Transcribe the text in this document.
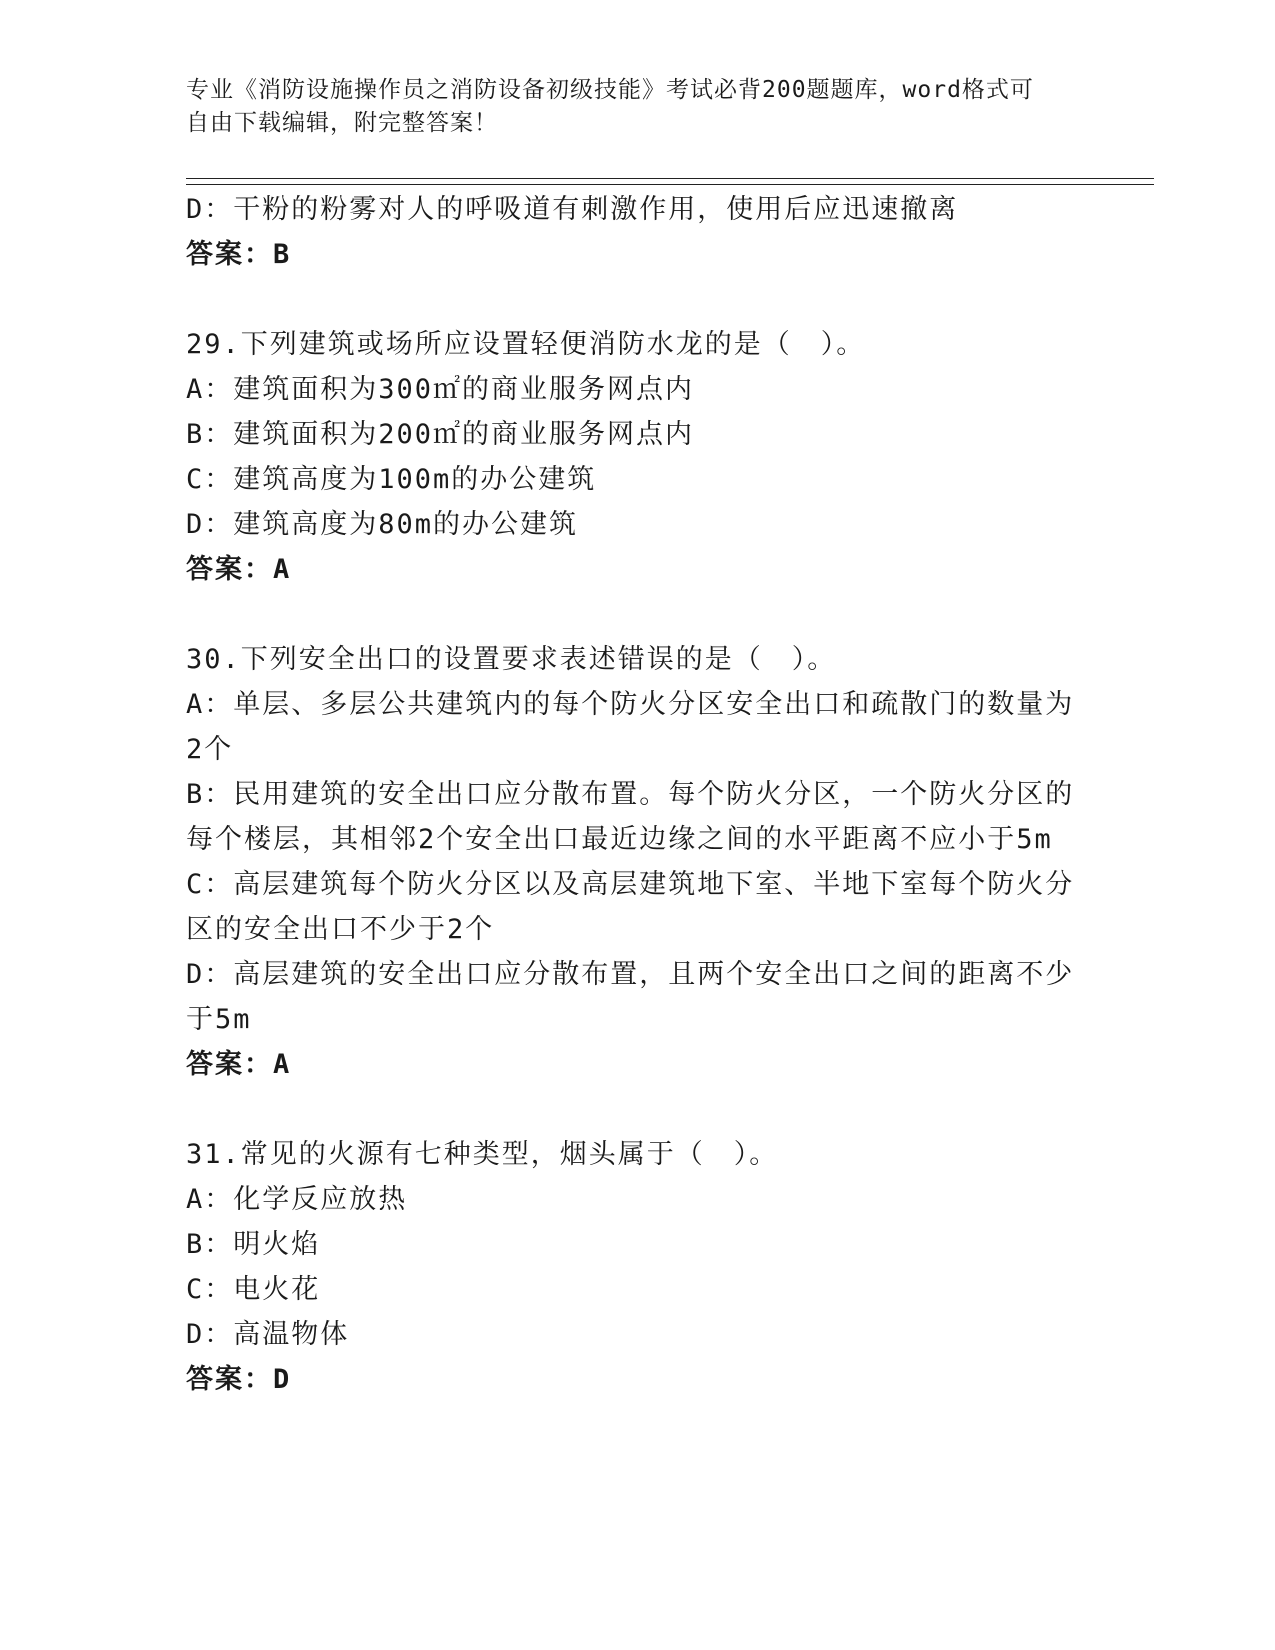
专业《消防设施操作员之消防设备初级技能》考试必背200题题库，word格式可
自由下载编辑，附完整答案！
D：干粉的粉雾对人的呼吸道有刺激作用，使用后应迅速撤离
答案：B
29.下列建筑或场所应设置轻便消防水龙的是（　）。
A：建筑面积为300㎡的商业服务网点内
B：建筑面积为200㎡的商业服务网点内
C：建筑高度为100m的办公建筑
D：建筑高度为80m的办公建筑
答案：A
30.下列安全出口的设置要求表述错误的是（　）。
A：单层、多层公共建筑内的每个防火分区安全出口和疏散门的数量为
2个
B：民用建筑的安全出口应分散布置。每个防火分区，一个防火分区的
每个楼层，其相邻2个安全出口最近边缘之间的水平距离不应小于5m
C：高层建筑每个防火分区以及高层建筑地下室、半地下室每个防火分
区的安全出口不少于2个
D：高层建筑的安全出口应分散布置，且两个安全出口之间的距离不少
于5m
答案：A
31.常见的火源有七种类型，烟头属于（　）。
A：化学反应放热
B：明火焰
C：电火花
D：高温物体
答案：D
